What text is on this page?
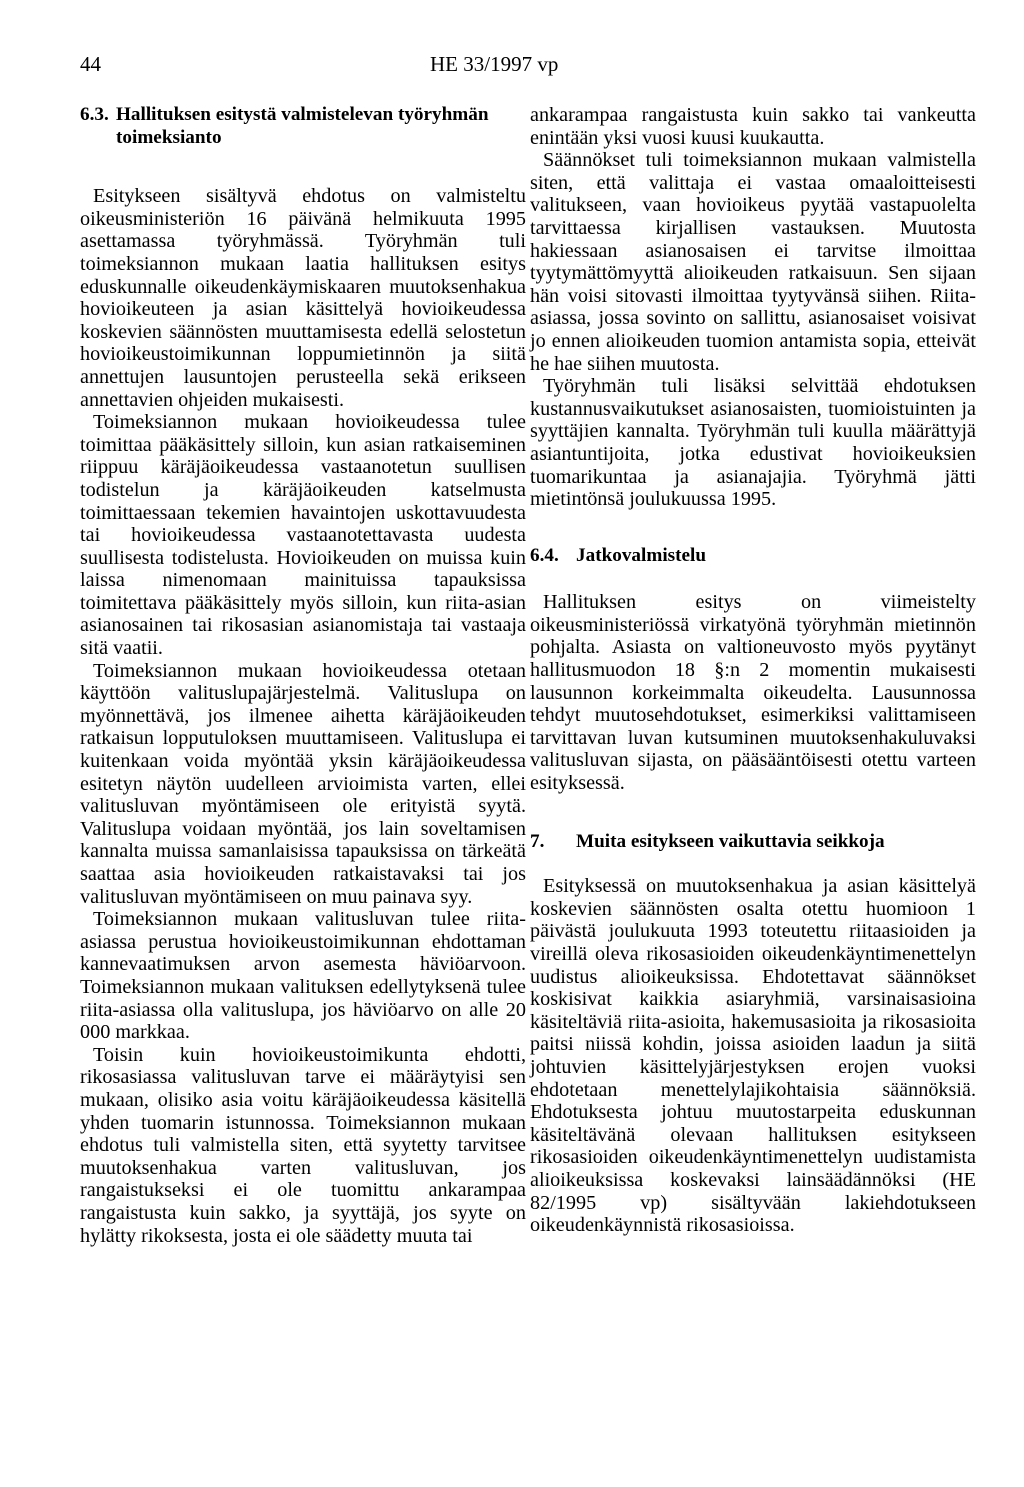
44	HE 33/1997 vp
6.3. Hallituksen esitystä valmistelevan työryhmän toimeksianto

Esitykseen sisältyvä ehdotus on valmisteltu oikeusministeriön 16 päivänä helmikuuta 1995 asettamassa työryhmässä. Työryhmän tuli toimeksiannon mukaan laatia hallituksen esitys eduskunnalle oikeudenkäymiskaaren muutoksenhakua hovioikeuteen ja asian käsittelyä hovioikeudessa koskevien säännösten muuttamisesta edellä selostetun hovioikeustoimikunnan loppumietinnön ja siitä annettujen lausuntojen perusteella sekä erikseen annettavien ohjeiden mukaisesti.

Toimeksiannon mukaan hovioikeudessa tulee toimittaa pääkäsittely silloin, kun asian ratkaiseminen riippuu käräjäoikeudessa vastaanotetun suullisen todistelun ja käräjäoikeuden katselmusta toimittaessaan tekemien havaintojen uskottavuudesta tai hovioikeudessa vastaanotettavasta uudesta suullisesta todistelusta. Hovioikeuden on muissa kuin laissa nimenomaan mainituissa tapauksissa toimitettava pääkäsittely myös silloin, kun riita-asian asianosainen tai rikosasian asianomistaja tai vastaaja sitä vaatii.

Toimeksiannon mukaan hovioikeudessa otetaan käyttöön valituslupajärjestelmä. Valituslupa on myönnettävä, jos ilmenee aihetta käräjäoikeuden ratkaisun lopputuloksen muuttamiseen. Valituslupa ei kuitenkaan voida myöntää yksin käräjäoikeudessa esitetyn näytön uudelleen arvioimista varten, ellei valitusluvan myöntämiseen ole erityistä syytä. Valituslupa voidaan myöntää, jos lain soveltamisen kannalta muissa samanlaisissa tapauksissa on tärkeätä saattaa asia hovioikeuden ratkaistavaksi tai jos valitusluvan myöntämiseen on muu painava syy.

Toimeksiannon mukaan valitusluvan tulee riita-asiassa perustua hovioikeustoimikunnan ehdottaman kannevaatimuksen arvon asemesta häviöarvoon. Toimeksiannon mukaan valituksen edellytyksenä tulee riita-asiassa olla valituslupa, jos häviöarvo on alle 20 000 markkaa.

Toisin kuin hovioikeustoimikunta ehdotti, rikosasiassa valitusluvan tarve ei määräytyisi sen mukaan, olisiko asia voitu käräjäoikeudessa käsitellä yhden tuomarin istunnossa. Toimeksiannon mukaan ehdotus tuli valmistella siten, että syytetty tarvitsee muutoksenhakua varten valitusluvan, jos rangaistukseksi ei ole tuomittu ankarampaa rangaistusta kuin sakko, ja syyttäjä, jos syyte on hylätty rikoksesta, josta ei ole säädetty muuta tai

ankarampaa rangaistusta kuin sakko tai vankeutta enintään yksi vuosi kuusi kuukautta.

Säännökset tuli toimeksiannon mukaan valmistella siten, että valittaja ei vastaa omaaloitteisesti valitukseen, vaan hovioikeus pyytää vastapuolelta tarvittaessa kirjallisen vastauksen. Muutosta hakiessaan asianosaisen ei tarvitse ilmoittaa tyytymättömyyttä alioikeuden ratkaisuun. Sen sijaan hän voisi sitovasti ilmoittaa tyytyvänsä siihen. Riita-asiassa, jossa sovinto on sallittu, asianosaiset voisivat jo ennen alioikeuden tuomion antamista sopia, etteivät he hae siihen muutosta.

Työryhmän tuli lisäksi selvittää ehdotuksen kustannusvaikutukset asianosaisten, tuomioistuinten ja syyttäjien kannalta. Työryhmän tuli kuulla määrättyjä asiantuntijoita, jotka edustivat hovioikeuksien tuomarikuntaa ja asianajajia. Työryhmä jätti mietintönsä joulukuussa 1995.

6.4. Jatkovalmistelu

Hallituksen esitys on viimeistelty oikeusministeriössä virkatyönä työryhmän mietinnön pohjalta. Asiasta on valtioneuvosto myös pyytänyt hallitusmuodon 18 §:n 2 momentin mukaisesti lausunnon korkeimmalta oikeudelta. Lausunnossa tehdyt muutosehdotukset, esimerkiksi valittamiseen tarvittavan luvan kutsuminen muutoksenhakuluvaksi valitusluvan sijasta, on pääsääntöisesti otettu varteen esityksessä.

7.	Muita esitykseen vaikuttavia seikkoja

Esityksessä on muutoksenhakua ja asian käsittelyä koskevien säännösten osalta otettu huomioon 1 päivästä joulukuuta 1993 toteutettu riitaasioiden ja vireillä oleva rikosasioiden oikeudenkäyntimenettelyn uudistus alioikeuksissa. Ehdotettavat säännökset koskisivat kaikkia asiaryhmiä, varsinaisasioina käsiteltäviä riita-asioita, hakemusasioita ja rikosasioita paitsi niissä kohdin, joissa asioiden laadun ja siitä johtuvien käsittelyjärjestyksen erojen vuoksi ehdotetaan menettelylajikohtaisia säännöksiä. Ehdotuksesta johtuu muutostarpeita eduskunnan käsiteltävänä olevaan hallituksen esitykseen rikosasioiden oikeudenkäyntimenettelyn uudistamista alioikeuksissa koskevaksi lainsäädännöksi (HE 82/1995 vp) sisältyvään lakiehdotukseen oikeudenkäynnistä rikosasioissa.
